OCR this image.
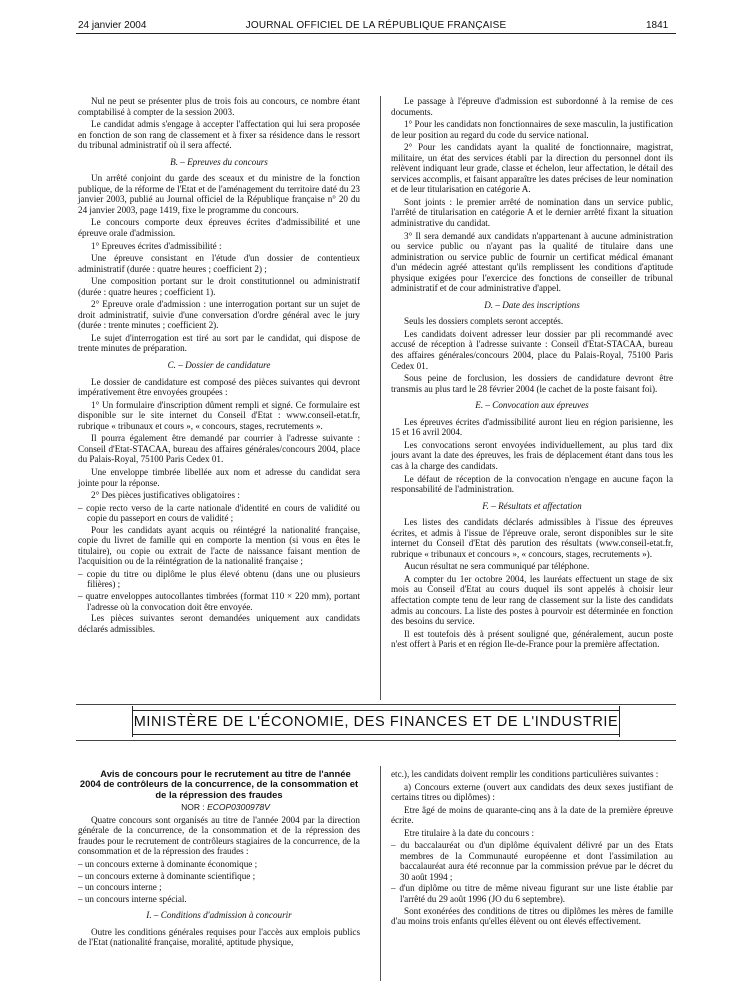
24 janvier 2004	JOURNAL OFFICIEL DE LA RÉPUBLIQUE FRANÇAISE	1841

Nul ne peut se présenter plus de trois fois au concours, ce nombre étant comptabilisé à compter de la session 2003.

Le candidat admis s'engage à accepter l'affectation qui lui sera proposée en fonction de son rang de classement et à fixer sa résidence dans le ressort du tribunal administratif où il sera affecté.

B. – Epreuves du concours

Un arrêté conjoint du garde des sceaux et du ministre de la fonction publique, de la réforme de l'Etat et de l'aménagement du territoire daté du 23 janvier 2003, publié au Journal officiel de la République française n° 20 du 24 janvier 2003, page 1419, fixe le programme du concours.

Le concours comporte deux épreuves écrites d'admissibilité et une épreuve orale d'admission.

1° Epreuves écrites d'admissibilité :

Une épreuve consistant en l'étude d'un dossier de contentieux administratif (durée : quatre heures ; coefficient 2) ;

Une composition portant sur le droit constitutionnel ou administratif (durée : quatre heures ; coefficient 1).

2° Epreuve orale d'admission : une interrogation portant sur un sujet de droit administratif, suivie d'une conversation d'ordre général avec le jury (durée : trente minutes ; coefficient 2).

Le sujet d'interrogation est tiré au sort par le candidat, qui dispose de trente minutes de préparation.

C. – Dossier de candidature

Le dossier de candidature est composé des pièces suivantes qui devront impérativement être envoyées groupées :

1° Un formulaire d'inscription dûment rempli et signé. Ce formulaire est disponible sur le site internet du Conseil d'Etat : www.conseil-etat.fr, rubrique « tribunaux et cours », « concours, stages, recrutements ».

Il pourra également être demandé par courrier à l'adresse suivante : Conseil d'Etat-STACAA, bureau des affaires générales/concours 2004, place du Palais-Royal, 75100 Paris Cedex 01.

Une enveloppe timbrée libellée aux nom et adresse du candidat sera jointe pour la réponse.

2° Des pièces justificatives obligatoires :

– copie recto verso de la carte nationale d'identité en cours de validité ou copie du passeport en cours de validité ;

Pour les candidats ayant acquis ou réintégré la nationalité française, copie du livret de famille qui en comporte la mention (si vous en êtes le titulaire), ou copie ou extrait de l'acte de naissance faisant mention de l'acquisition ou de la réintégration de la nationalité française ;

– copie du titre ou diplôme le plus élevé obtenu (dans une ou plusieurs filières) ;

– quatre enveloppes autocollantes timbrées (format 110 × 220 mm), portant l'adresse où la convocation doit être envoyée.

Les pièces suivantes seront demandées uniquement aux candidats déclarés admissibles.

Le passage à l'épreuve d'admission est subordonné à la remise de ces documents.

1° Pour les candidats non fonctionnaires de sexe masculin, la justification de leur position au regard du code du service national.

2° Pour les candidats ayant la qualité de fonctionnaire, magistrat, militaire, un état des services établi par la direction du personnel dont ils relèvent indiquant leur grade, classe et échelon, leur affectation, le détail des services accomplis, et faisant apparaître les dates précises de leur nomination et de leur titularisation en catégorie A.

Sont joints : le premier arrêté de nomination dans un service public, l'arrêté de titularisation en catégorie A et le dernier arrêté fixant la situation administrative du candidat.

3° Il sera demandé aux candidats n'appartenant à aucune administration ou service public ou n'ayant pas la qualité de titulaire dans une administration ou service public de fournir un certificat médical émanant d'un médecin agréé attestant qu'ils remplissent les conditions d'aptitude physique exigées pour l'exercice des fonctions de conseiller de tribunal administratif et de cour administrative d'appel.

D. – Date des inscriptions

Seuls les dossiers complets seront acceptés.

Les candidats doivent adresser leur dossier par pli recommandé avec accusé de réception à l'adresse suivante : Conseil d'Etat-STACAA, bureau des affaires générales/concours 2004, place du Palais-Royal, 75100 Paris Cedex 01.

Sous peine de forclusion, les dossiers de candidature devront être transmis au plus tard le 28 février 2004 (le cachet de la poste faisant foi).

E. – Convocation aux épreuves

Les épreuves écrites d'admissibilité auront lieu en région parisienne, les 15 et 16 avril 2004.

Les convocations seront envoyées individuellement, au plus tard dix jours avant la date des épreuves, les frais de déplacement étant dans tous les cas à la charge des candidats.

Le défaut de réception de la convocation n'engage en aucune façon la responsabilité de l'administration.

F. – Résultats et affectation

Les listes des candidats déclarés admissibles à l'issue des épreuves écrites, et admis à l'issue de l'épreuve orale, seront disponibles sur le site internet du Conseil d'Etat dès parution des résultats (www.conseil-etat.fr, rubrique « tribunaux et concours », « concours, stages, recrutements »).

Aucun résultat ne sera communiqué par téléphone.

A compter du 1er octobre 2004, les lauréats effectuent un stage de six mois au Conseil d'Etat au cours duquel ils sont appelés à choisir leur affectation compte tenu de leur rang de classement sur la liste des candidats admis au concours. La liste des postes à pourvoir est déterminée en fonction des besoins du service.

Il est toutefois dès à présent souligné que, généralement, aucun poste n'est offert à Paris et en région Ile-de-France pour la première affectation.

MINISTÈRE DE L'ÉCONOMIE, DES FINANCES ET DE L'INDUSTRIE

Avis de concours pour le recrutement au titre de l'année 2004 de contrôleurs de la concurrence, de la consommation et de la répression des fraudes

NOR : ECOP0300978V

Quatre concours sont organisés au titre de l'année 2004 par la direction générale de la concurrence, de la consommation et de la répression des fraudes pour le recrutement de contrôleurs stagiaires de la concurrence, de la consommation et de la répression des fraudes :

– un concours externe à dominante économique ;

– un concours externe à dominante scientifique ;

– un concours interne ;

– un concours interne spécial.

I. – Conditions d'admission à concourir

Outre les conditions générales requises pour l'accès aux emplois publics de l'Etat (nationalité française, moralité, aptitude physique,

etc.), les candidats doivent remplir les conditions particulières suivantes :

a) Concours externe (ouvert aux candidats des deux sexes justifiant de certains titres ou diplômes) :

Etre âgé de moins de quarante-cinq ans à la date de la première épreuve écrite.

Etre titulaire à la date du concours :

– du baccalauréat ou d'un diplôme équivalent délivré par un des Etats membres de la Communauté européenne et dont l'assimilation au baccalauréat aura été reconnue par la commission prévue par le décret du 30 août 1994 ;

– d'un diplôme ou titre de même niveau figurant sur une liste établie par l'arrêté du 29 août 1996 (JO du 6 septembre).

Sont exonérées des conditions de titres ou diplômes les mères de famille d'au moins trois enfants qu'elles élèvent ou ont élevés effectivement.
